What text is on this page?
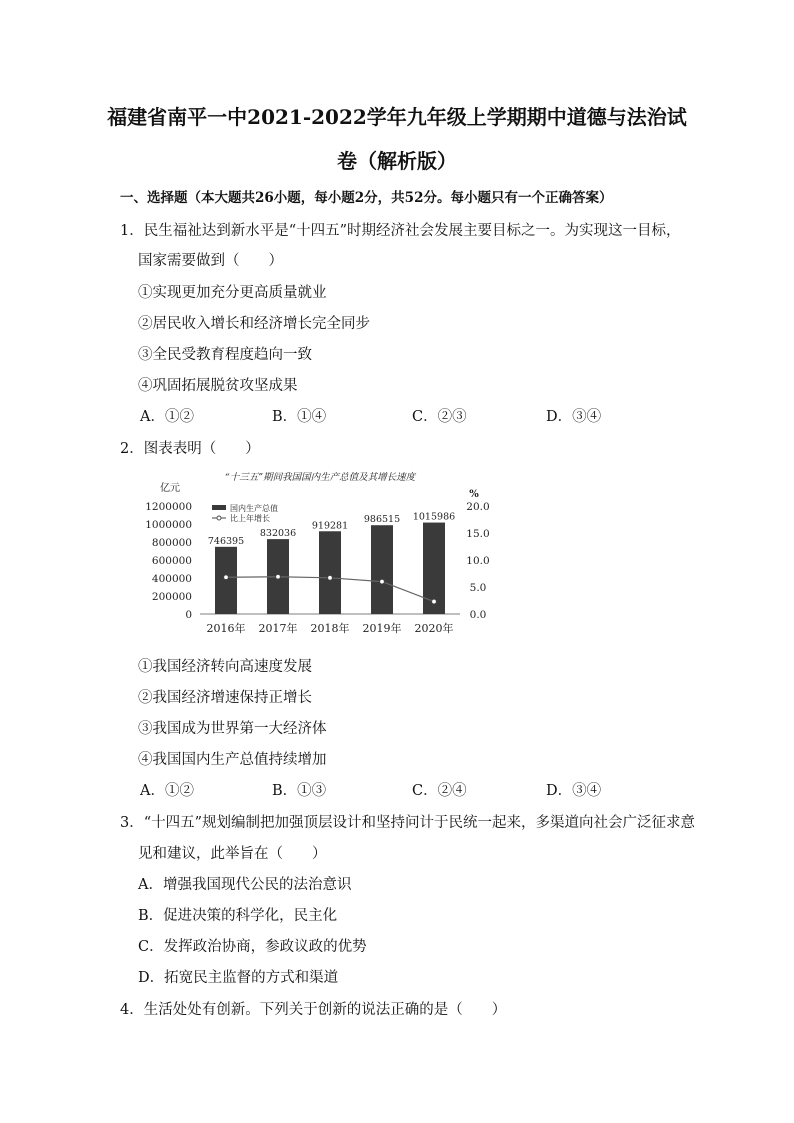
福建省南平一中2021-2022学年九年级上学期期中道德与法治试
卷（解析版）
一、选择题（本大题共26小题，每小题2分，共52分。每小题只有一个正确答案）
1．民生福祉达到新水平是“十四五”时期经济社会发展主要目标之一。为实现这一目标，
国家需要做到（　　）
①实现更加充分更高质量就业
②居民收入增长和经济增长完全同步
③全民受教育程度趋向一致
④巩固拓展脱贫攻坚成果
A．①②	B．①④	C．②③	D．③④
2．图表表明（　　）
“十三五”期间我国国内生产总值及其增长速度
亿元
1200000
1000000
800000
600000
400000
200000
0
%
20.0
15.0
10.0
5.0
0.0
746395
2016年
832036
2017年
919281
2018年
986515
2019年
1015986
2020年
国内生产总值
比上年增长
①我国经济转向高速度发展
②我国经济增速保持正增长
③我国成为世界第一大经济体
④我国国内生产总值持续增加
A．①②	B．①③	C．②④	D．③④
3．“十四五”规划编制把加强顶层设计和坚持问计于民统一起来，多渠道向社会广泛征求意
见和建议，此举旨在（　　）
A．增强我国现代公民的法治意识
B．促进决策的科学化，民主化
C．发挥政治协商，参政议政的优势
D．拓宽民主监督的方式和渠道
4．生活处处有创新。下列关于创新的说法正确的是（　　）
